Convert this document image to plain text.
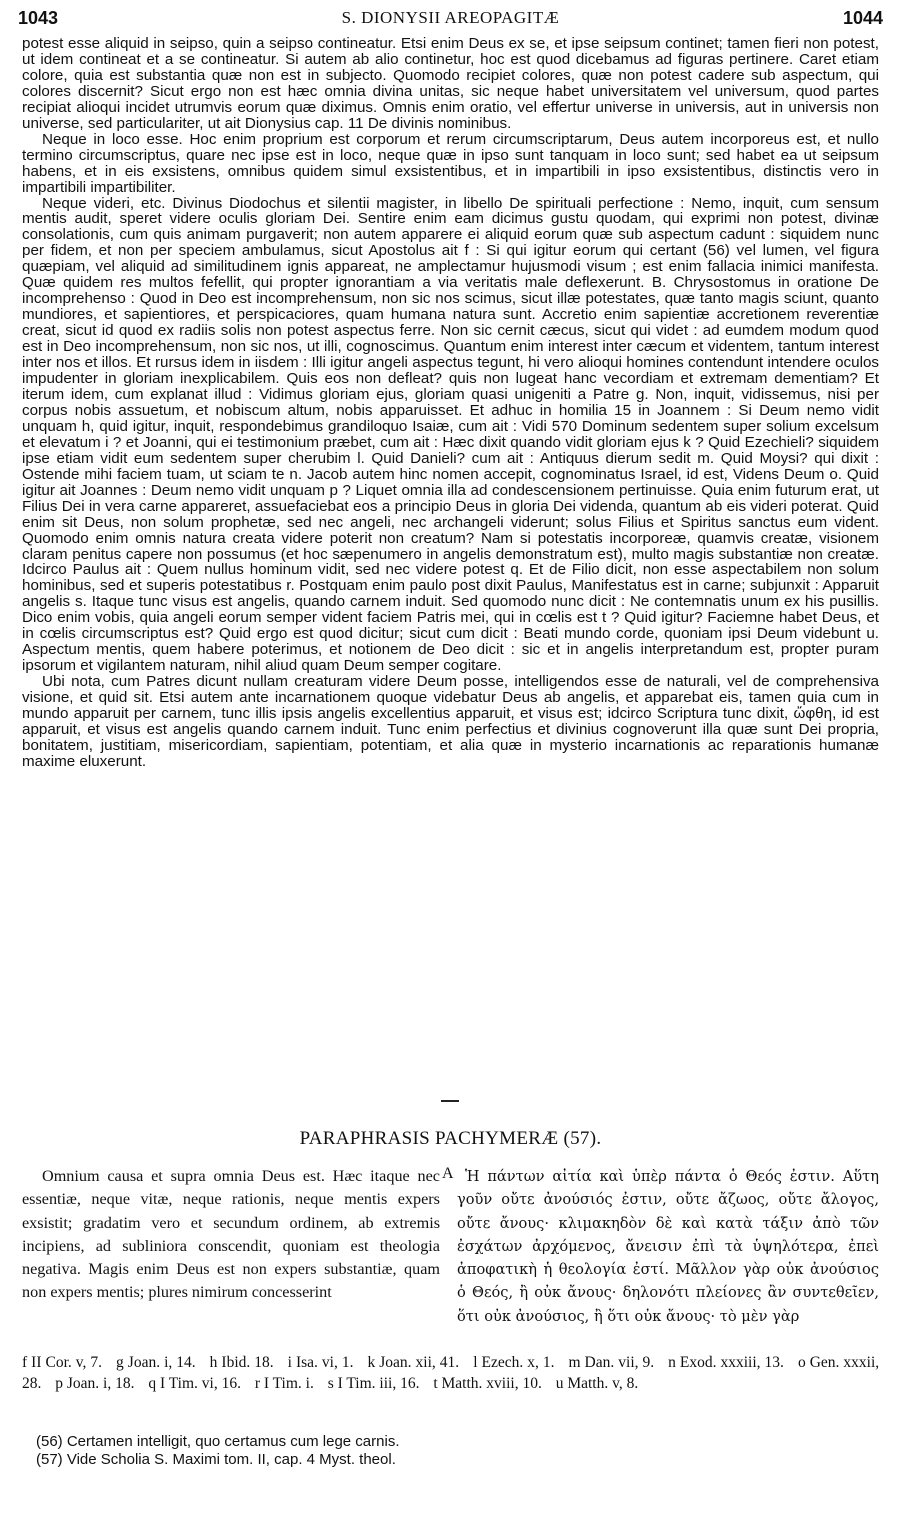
1043	S. DIONYSII AREOPAGITÆ	1044

potest esse aliquid in seipso, quin a seipso contineatur. Etsi enim Deus ex se, et ipse seipsum continet; tamen fieri non potest, ut idem contineat et a se contineatur. Si autem ab alio continetur, hoc est quod dicebamus ad figuras pertinere. Caret etiam colore, quia est substantia quæ non est in subjecto. Quomodo recipiet colores, quæ non potest cadere sub aspectum, qui colores discernit? Sicut ergo non est hæc omnia divina unitas, sic neque habet universitatem vel universum, quod partes recipiat alioqui incidet utrumvis eorum quæ diximus. Omnis enim oratio, vel effertur universe in universis, aut in universis non universe, sed particulariter, ut ait Dionysius cap. 11 De divinis nominibus.

Neque in loco esse. Hoc enim proprium est corporum et rerum circumscriptarum, Deus autem incorporeus est, et nullo termino circumscriptus, quare nec ipse est in loco, neque quæ in ipso sunt tanquam in loco sunt; sed habet ea ut seipsum habens, et in eis exsistens, omnibus quidem simul exsistentibus, et in impartibili in ipso exsistentibus, distinctis vero in impartibili impartibiliter.

Neque videri, etc. Divinus Diodochus et silentii magister, in libello De spirituali perfectione : Nemo, inquit, cum sensum mentis audit, speret videre oculis gloriam Dei. Sentire enim eam dicimus gustu quodam, qui exprimi non potest, divinæ consolationis, cum quis animam purgaverit; non autem apparere ei aliquid eorum quæ sub aspectum cadunt : siquidem nunc per fidem, et non per speciem ambulamus, sicut Apostolus ait f : Si qui igitur eorum qui certant (56) vel lumen, vel figura quæpiam, vel aliquid ad similitudinem ignis appareat, ne amplectamur hujusmodi visum ; est enim fallacia inimici manifesta. Quæ quidem res multos fefellit, qui propter ignorantiam a via veritatis male deflexerunt. B. Chrysostomus in oratione De incomprehenso : Quod in Deo est incomprehensum, non sic nos scimus, sicut illæ potestates, quæ tanto magis sciunt, quanto mundiores, et sapientiores, et perspicaciores, quam humana natura sunt. Accretio enim sapientiæ accretionem reverentiæ creat, sicut id quod ex radiis solis non potest aspectus ferre. Non sic cernit cæcus, sicut qui videt : ad eumdem modum quod est in Deo incomprehensum, non sic nos, ut illi, cognoscimus. Quantum enim interest inter cæcum et videntem, tantum interest inter nos et illos. Et rursus idem in iisdem : Illi igitur angeli aspectus tegunt, hi vero alioqui homines contendunt intendere oculos impudenter in gloriam inexplicabilem. Quis eos non defleat? quis non lugeat hanc vecordiam et extremam dementiam? Et iterum idem, cum explanat illud : Vidimus gloriam ejus, gloriam quasi unigeniti a Patre g. Non, inquit, vidissemus, nisi per corpus nobis assuetum, et nobiscum altum, nobis apparuisset. Et adhuc in homilia 15 in Joannem : Si Deum nemo vidit unquam h, quid igitur, inquit, respondebimus grandiloquo Isaiæ, cum ait : Vidi 570 Dominum sedentem super solium excelsum et elevatum i ? et Joanni, qui ei testimonium præbet, cum ait : Hæc dixit quando vidit gloriam ejus k ? Quid Ezechieli? siquidem ipse etiam vidit eum sedentem super cherubim l. Quid Danieli? cum ait : Antiquus dierum sedit m. Quid Moysi? qui dixit : Ostende mihi faciem tuam, ut sciam te n. Jacob autem hinc nomen accepit, cognominatus Israel, id est, Videns Deum o. Quid igitur ait Joannes : Deum nemo vidit unquam p ? Liquet omnia illa ad condescensionem pertinuisse. Quia enim futurum erat, ut Filius Dei in vera carne appareret, assuefaciebat eos a principio Deus in gloria Dei videnda, quantum ab eis videri poterat. Quid enim sit Deus, non solum prophetæ, sed nec angeli, nec archangeli viderunt; solus Filius et Spiritus sanctus eum vident. Quomodo enim omnis natura creata videre poterit non creatum? Nam si potestatis incorporeæ, quamvis creatæ, visionem claram penitus capere non possumus (et hoc sæpenumero in angelis demonstratum est), multo magis substantiæ non creatæ. Idcirco Paulus ait : Quem nullus hominum vidit, sed nec videre potest q. Et de Filio dicit, non esse aspectabilem non solum hominibus, sed et superis potestatibus r. Postquam enim paulo post dixit Paulus, Manifestatus est in carne; subjunxit : Apparuit angelis s. Itaque tunc visus est angelis, quando carnem induit. Sed quomodo nunc dicit : Ne contemnatis unum ex his pusillis. Dico enim vobis, quia angeli eorum semper vident faciem Patris mei, qui in cœlis est t ? Quid igitur? Faciemne habet Deus, et in cœlis circumscriptus est? Quid ergo est quod dicitur; sicut cum dicit : Beati mundo corde, quoniam ipsi Deum videbunt u. Aspectum mentis, quem habere poterimus, et notionem de Deo dicit : sic et in angelis interpretandum est, propter puram ipsorum et vigilantem naturam, nihil aliud quam Deum semper cogitare.

Ubi nota, cum Patres dicunt nullam creaturam videre Deum posse, intelligendos esse de naturali, vel de comprehensiva visione, et quid sit. Etsi autem ante incarnationem quoque videbatur Deus ab angelis, et apparebat eis, tamen quia cum in mundo apparuit per carnem, tunc illis ipsis angelis excellentius apparuit, et visus est; idcirco Scriptura tunc dixit, ὤφθη, id est apparuit, et visus est angelis quando carnem induit. Tunc enim perfectius et divinius cognoverunt illa quæ sunt Dei propria, bonitatem, justitiam, misericordiam, sapientiam, potentiam, et alia quæ in mysterio incarnationis ac reparationis humanæ maxime eluxerunt.

PARAPHRASIS PACHYMERÆ (57).

Omnium causa et supra omnia Deus est. Hæc itaque nec essentiæ, neque vitæ, neque rationis, neque mentis expers exsistit; gradatim vero et secundum ordinem, ab extremis incipiens, ad subliniora conscendit, quoniam est theologia negativa. Magis enim Deus est non expers substantiæ, quam non expers mentis; plures nimirum concesserint

A Ἡ πάντων αἰτία καὶ ὑπὲρ πάντα ὁ Θεός ἐστιν. Αὕτη γοῦν οὔτε ἀνούσιός ἐστιν, οὔτε ἄζωος, οὔτε ἄλογος, οὔτε ἄνους· κλιμακηδὸν δὲ καὶ κατὰ τάξιν ἀπὸ τῶν ἐσχάτων ἀρχόμενος, ἄνεισιν ἐπὶ τὰ ὑψηλότερα, ἐπεὶ ἀποφατικὴ ἡ θεολογία ἐστί. Μᾶλλον γὰρ οὐκ ἀνούσιος ὁ Θεός, ἢ οὐκ ἄνους· δηλονότι πλείονες ἂν συντεθεῖεν, ὅτι οὐκ ἀνούσιος, ἢ ὅτι οὐκ ἄνους· τὸ μὲν γὰρ

f II Cor. v, 7. g Joan. i, 14. h Ibid. 18. i Isa. vi, 1. k Joan. xii, 41. l Ezech. x, 1. m Dan. vii, 9. n Exod. xxxiii, 13. o Gen. xxxii, 28. p Joan. i, 18. q I Tim. vi, 16. r I Tim. i. s I Tim. iii, 16. t Matth. xviii, 10. u Matth. v, 8.
(56) Certamen intelligit, quo certamus cum lege carnis.
(57) Vide Scholia S. Maximi tom. II, cap. 4 Myst. theol.
